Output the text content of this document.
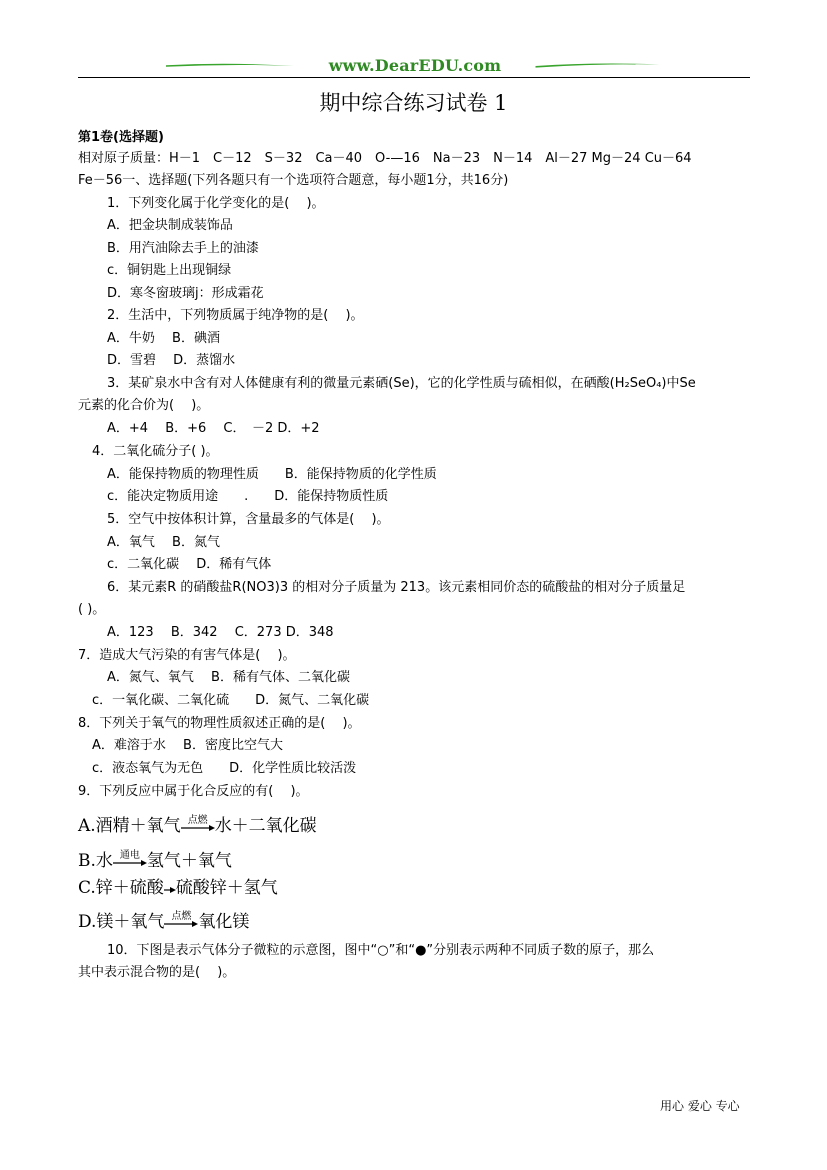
www.DearEDU.com
期中综合练习试卷 1
第1卷(选择题)
相对原子质量：H－1　C－12　S－32　Ca－40　O-—16　Na－23　N－14　Al－27 Mg－24 Cu－64
Fe－56一、选择题(下列各题只有一个选项符合题意，每小题1分，共16分)
1．下列变化属于化学变化的是(　 )。
A．把金块制成装饰品
B．用汽油除去手上的油漆
c．铜钥匙上出现铜绿
D．寒冬窗玻璃j：形成霜花
2．生活中，下列物质属于纯净物的是(　 )。
A．牛奶　 B．碘酒
D．雪碧　 D．蒸馏水
3．某矿泉水中含有对人体健康有利的微量元素硒(Se)，它的化学性质与硫相似，在硒酸(H₂SeO₄)中Se
元素的化合价为(　 )。
A．+4　 B．+6　 C．　－2 D．+2
4．二氧化硫分子( )。
A．能保持物质的物理性质　　B．能保持物质的化学性质
c．能决定物质用途　　.　　D．能保持物质性质
5．空气中按体积计算，含量最多的气体是(　 )。
A．氧气　 B．氮气
c．二氧化碳　 D．稀有气体
6．某元素R 的硝酸盐R(NO3)3 的相对分子质量为 213。该元素相同价态的硫酸盐的相对分子质量足
( )。
A．123　 B．342　 C．273 D．348
7．造成大气污染的有害气体是(　 )。
A．氮气、氧气　 B．稀有气体、二氧化碳
c．一氧化碳、二氧化硫　　D．氮气、二氧化碳
8．下列关于氧气的物理性质叙述正确的是(　 )。
A．难溶于水　 B．密度比空气大
c．液态氧气为无色　　D．化学性质比较活泼
9．下列反应中属于化合反应的有(　 )。
A.酒精＋氧气 点燃 水＋二氧化碳
B.水 通电 氢气＋氧气
C.锌＋硫酸 硫酸锌＋氢气
D.镁＋氧气 点燃 氧化镁
10．下图是表示气体分子微粒的示意图，图中“○”和“●”分别表示两种不同质子数的原子，那么
其中表示混合物的是(　 )。
用心 爱心 专心
